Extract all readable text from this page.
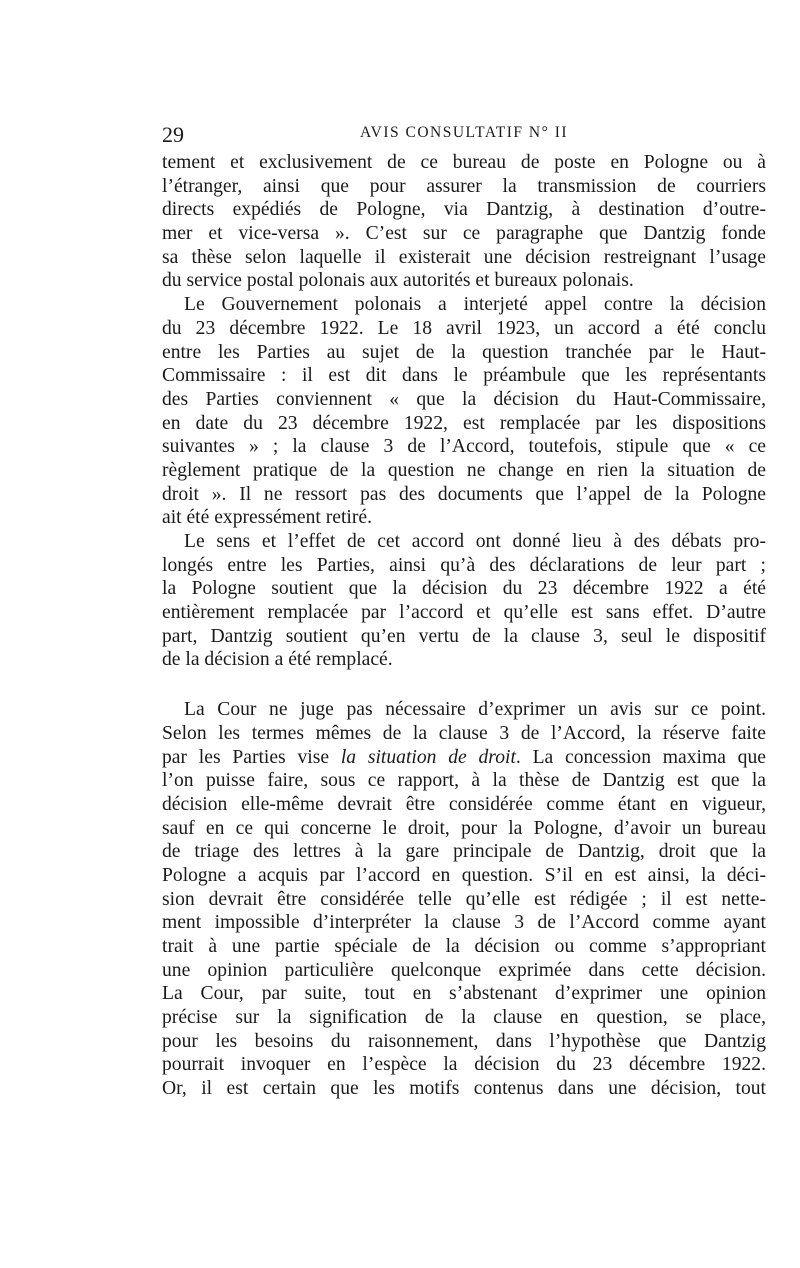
29	AVIS CONSULTATIF N° II
tement et exclusivement de ce bureau de poste en Pologne ou à
l’étranger, ainsi que pour assurer la transmission de courriers
directs expédiés de Pologne, via Dantzig, à destination d’outre-
mer et vice-versa ». C’est sur ce paragraphe que Dantzig fonde
sa thèse selon laquelle il existerait une décision restreignant l’usage
du service postal polonais aux autorités et bureaux polonais.
Le Gouvernement polonais a interjeté appel contre la décision
du 23 décembre 1922. Le 18 avril 1923, un accord a été conclu
entre les Parties au sujet de la question tranchée par le Haut-
Commissaire : il est dit dans le préambule que les représentants
des Parties conviennent « que la décision du Haut-Commissaire,
en date du 23 décembre 1922, est remplacée par les dispositions
suivantes » ; la clause 3 de l’Accord, toutefois, stipule que « ce
règlement pratique de la question ne change en rien la situation de
droit ». Il ne ressort pas des documents que l’appel de la Pologne
ait été expressément retiré.
Le sens et l’effet de cet accord ont donné lieu à des débats pro-
longés entre les Parties, ainsi qu’à des déclarations de leur part ;
la Pologne soutient que la décision du 23 décembre 1922 a été
entièrement remplacée par l’accord et qu’elle est sans effet. D’autre
part, Dantzig soutient qu’en vertu de la clause 3, seul le dispositif
de la décision a été remplacé.
La Cour ne juge pas nécessaire d’exprimer un avis sur ce point.
Selon les termes mêmes de la clause 3 de l’Accord, la réserve faite
par les Parties vise la situation de droit. La concession maxima que
l’on puisse faire, sous ce rapport, à la thèse de Dantzig est que la
décision elle-même devrait être considérée comme étant en vigueur,
sauf en ce qui concerne le droit, pour la Pologne, d’avoir un bureau
de triage des lettres à la gare principale de Dantzig, droit que la
Pologne a acquis par l’accord en question. S’il en est ainsi, la déci-
sion devrait être considérée telle qu’elle est rédigée ; il est nette-
ment impossible d’interpréter la clause 3 de l’Accord comme ayant
trait à une partie spéciale de la décision ou comme s’appropriant
une opinion particulière quelconque exprimée dans cette décision.
La Cour, par suite, tout en s’abstenant d’exprimer une opinion
précise sur la signification de la clause en question, se place,
pour les besoins du raisonnement, dans l’hypothèse que Dantzig
pourrait invoquer en l’espèce la décision du 23 décembre 1922.
Or, il est certain que les motifs contenus dans une décision, tout
